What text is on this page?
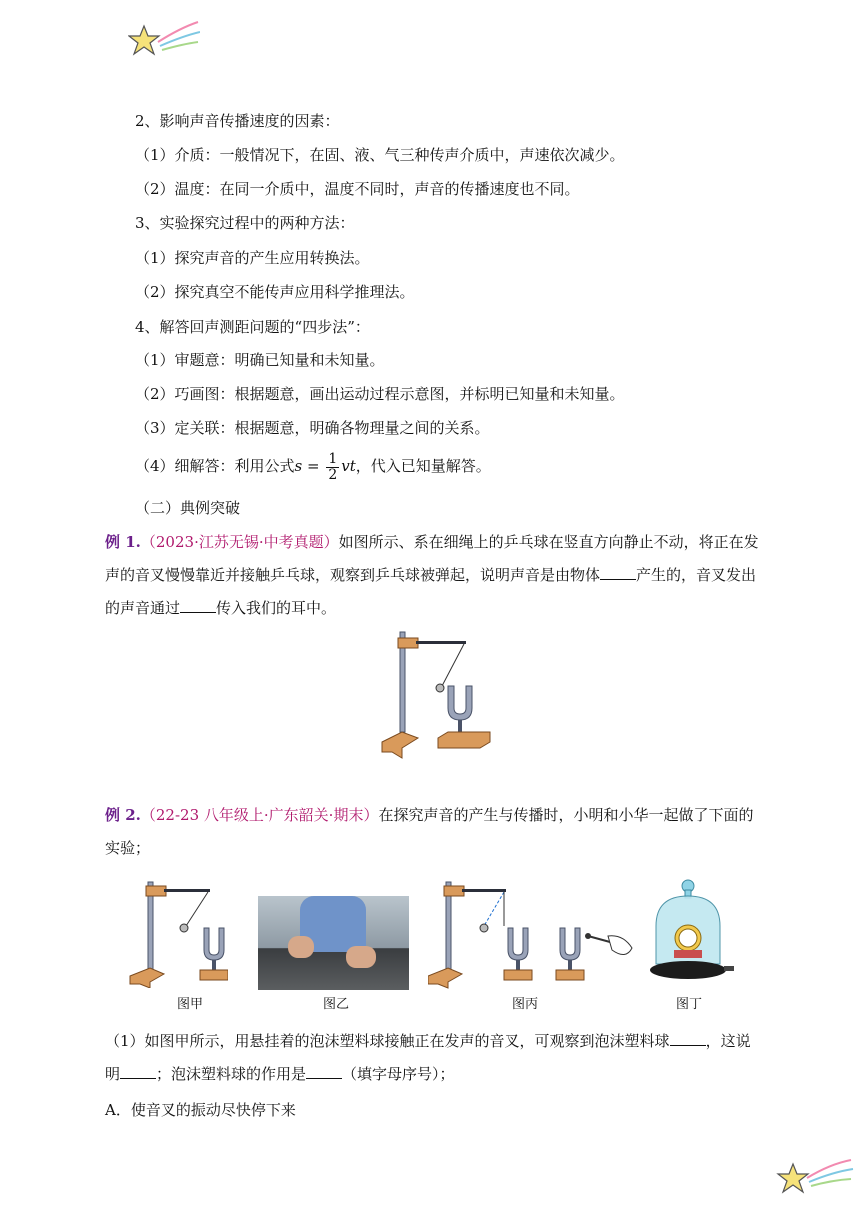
2、影响声音传播速度的因素：
（1）介质：一般情况下，在固、液、气三种传声介质中，声速依次减少。
（2）温度：在同一介质中，温度不同时，声音的传播速度也不同。
3、实验探究过程中的两种方法：
（1）探究声音的产生应用转换法。
（2）探究真空不能传声应用科学推理法。
4、解答回声测距问题的“四步法”：
（1）审题意：明确已知量和未知量。
（2）巧画图：根据题意，画出运动过程示意图，并标明已知量和未知量。
（3）定关联：根据题意，明确各物理量之间的关系。
（4）细解答：利用公式$s = \frac{1}{2}$ vt，代入已知量解答。
（二）典例突破
例 1.（2023·江苏无锡·中考真题）如图所示、系在细绳上的乒乓球在竖直方向静止不动，将正在发声的音叉慢慢靠近并接触乒乓球，观察到乒乓球被弹起，说明声音是由物体 产生的，音叉发出的声音通过 传入我们的耳中。
例 2.（22-23 八年级上·广东韶关·期末）在探究声音的产生与传播时，小明和小华一起做了下面的实验；
图甲	图乙	图丙	图丁
（1）如图甲所示，用悬挂着的泡沫塑料球接触正在发声的音叉，可观察到泡沫塑料球 ，这说明 ；泡沫塑料球的作用是 （填字母序号）；
A．使音叉的振动尽快停下来
